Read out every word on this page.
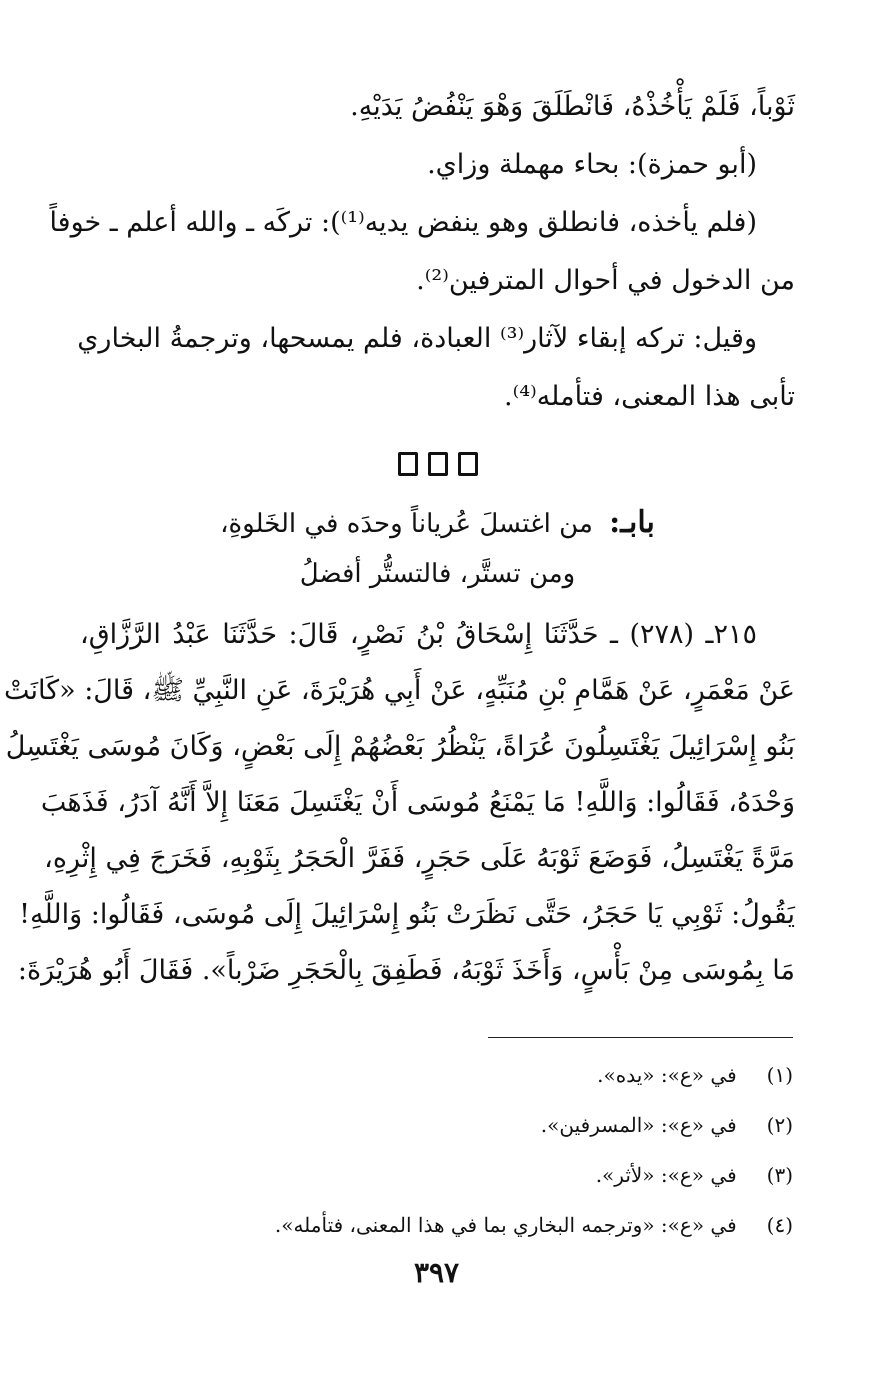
ثَوْباً، فَلَمْ يَأْخُذْهُ، فَانْطَلَقَ وَهْوَ يَنْفُضُ يَدَيْهِ.
(أبو حمزة): بحاء مهملة وزاي.
(فلم يأخذه، فانطلق وهو ينفض يديه⁽¹⁾): تركَه ـ والله أعلم ـ خوفاً
من الدخول في أحوال المترفين⁽²⁾.
وقيل: تركه إبقاء لآثار⁽³⁾ العبادة، فلم يمسحها، وترجمةُ البخاري
تأبى هذا المعنى، فتأمله⁽⁴⁾.
بابـ: من اغتسلَ عُرياناً وحدَه في الخَلوةِ،
ومن تستَّر، فالتستُّر أفضلُ
٢١٥ـ (٢٧٨) ـ حَدَّثَنَا إِسْحَاقُ بْنُ نَصْرٍ، قَالَ: حَدَّثَنَا عَبْدُ الرَّزَّاقِ،
عَنْ مَعْمَرٍ، عَنْ هَمَّامِ بْنِ مُنَبِّهٍ، عَنْ أَبِي هُرَيْرَةَ، عَنِ النَّبِيِّ ﷺ، قَالَ: «كَانَتْ
بَنُو إِسْرَائِيلَ يَغْتَسِلُونَ عُرَاةً، يَنْظُرُ بَعْضُهُمْ إِلَى بَعْضٍ، وَكَانَ مُوسَى يَغْتَسِلُ
وَحْدَهُ، فَقَالُوا: وَاللَّهِ! مَا يَمْنَعُ مُوسَى أَنْ يَغْتَسِلَ مَعَنَا إِلاَّ أَنَّهُ آدَرُ، فَذَهَبَ
مَرَّةً يَغْتَسِلُ، فَوَضَعَ ثَوْبَهُ عَلَى حَجَرٍ، فَفَرَّ الْحَجَرُ بِثَوْبِهِ، فَخَرَجَ فِي إِثْرِهِ،
يَقُولُ: ثَوْبِي يَا حَجَرُ، حَتَّى نَظَرَتْ بَنُو إِسْرَائِيلَ إِلَى مُوسَى، فَقَالُوا: وَاللَّهِ!
مَا بِمُوسَى مِنْ بَأْسٍ، وَأَخَذَ ثَوْبَهُ، فَطَفِقَ بِالْحَجَرِ ضَرْباً». فَقَالَ أَبُو هُرَيْرَةَ:
(١) في «ع»: «يده».
(٢) في «ع»: «المسرفين».
(٣) في «ع»: «لأثر».
(٤) في «ع»: «وترجمه البخاري بما في هذا المعنى، فتأمله».
٣٩٧
